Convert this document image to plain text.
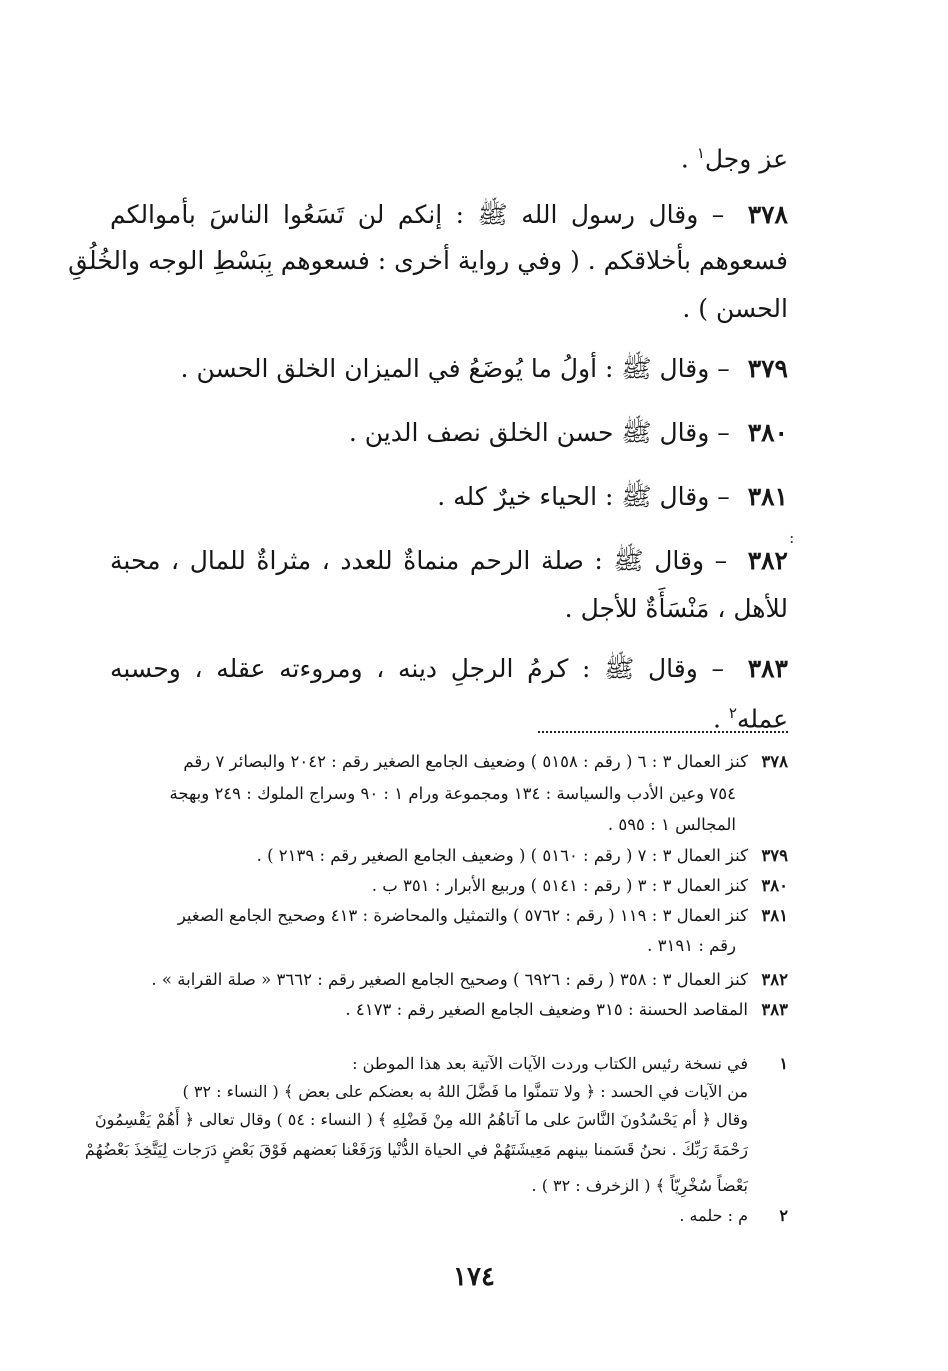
عز وجل$^١$ .
٣٧٨ – وقال رسول الله ﷺ : إنكم لن تَسَعُوا الناسَ بأموالكم
فسعوهم بأخلاقكم . ( وفي رواية أخرى : فسعوهم بِبَسْطِ الوجه والخُلُقِ
الحسن ) .
٣٧٩ – وقال ﷺ : أولُ ما يُوضَعُ في الميزان الخلق الحسن .
٣٨٠ – وقال ﷺ حسن الخلق نصف الدين .
٣٨١ – وقال ﷺ : الحياء خيرٌ كله .
:
٣٨٢ – وقال ﷺ : صلة الرحم منماةٌ للعدد ، مثراةٌ للمال ، محبة
للأهل ، مَنْسَأَةٌ للأجل .
٣٨٣ – وقال ﷺ : كرمُ الرجلِ دينه ، ومروءته عقله ، وحسبه
عمله$^٢$ .
٣٧٨
كنز العمال ٣ : ٦ ( رقم : ٥١٥٨ ) وضعيف الجامع الصغير رقم : ٢٠٤٢ والبصائر ٧ رقم
٧٥٤ وعين الأدب والسياسة : ١٣٤ ومجموعة ورام ١ : ٩٠ وسراج الملوك : ٢٤٩ وبهجة
المجالس ١ : ٥٩٥ .
٣٧٩
كنز العمال ٣ : ٧ ( رقم : ٥١٦٠ ) ( وضعيف الجامع الصغير رقم : ٢١٣٩ ) .
٣٨٠
كنز العمال ٣ : ٣ ( رقم : ٥١٤١ ) وربيع الأبرار : ٣٥١ ب .
٣٨١
كنز العمال ٣ : ١١٩ ( رقم : ٥٧٦٢ ) والتمثيل والمحاضرة : ٤١٣ وصحيح الجامع الصغير
رقم : ٣١٩١ .
٣٨٢
كنز العمال ٣ : ٣٥٨ ( رقم : ٦٩٢٦ ) وصحيح الجامع الصغير رقم : ٣٦٦٢ « صلة القرابة » .
٣٨٣
المقاصد الحسنة : ٣١٥ وضعيف الجامع الصغير رقم : ٤١٧٣ .
١
في نسخة رئيس الكتاب وردت الآيات الآتية بعد هذا الموطن :
من الآيات في الحسد : ﴿ ولا تتمنَّوا ما فَضَّلَ اللهُ به بعضكم على بعض ﴾ ( النساء : ٣٢ )
وقال ﴿ أم يَحْسُدُونَ النَّاسَ على ما آتاهُمُ الله مِنْ فَضْلِهِ ﴾ ( النساء : ٥٤ ) وقال تعالى ﴿ أَهُمْ يَقْسِمُونَ
رَحْمَةَ رَبِّكَ . نحنُ قَسَمنا بينهم مَعِيشَتَهُمْ في الحياة الدُّنْيا وَرَفَعْنا بَعضهم فَوْقَ بَعْضٍ دَرَجات لِيَتَّخِذَ بَعْضُهُمْ
بَعْضاً سُخْرِيّاً ﴾ ( الزخرف : ٣٢ ) .
٢
م : حلمه .
١٧٤
